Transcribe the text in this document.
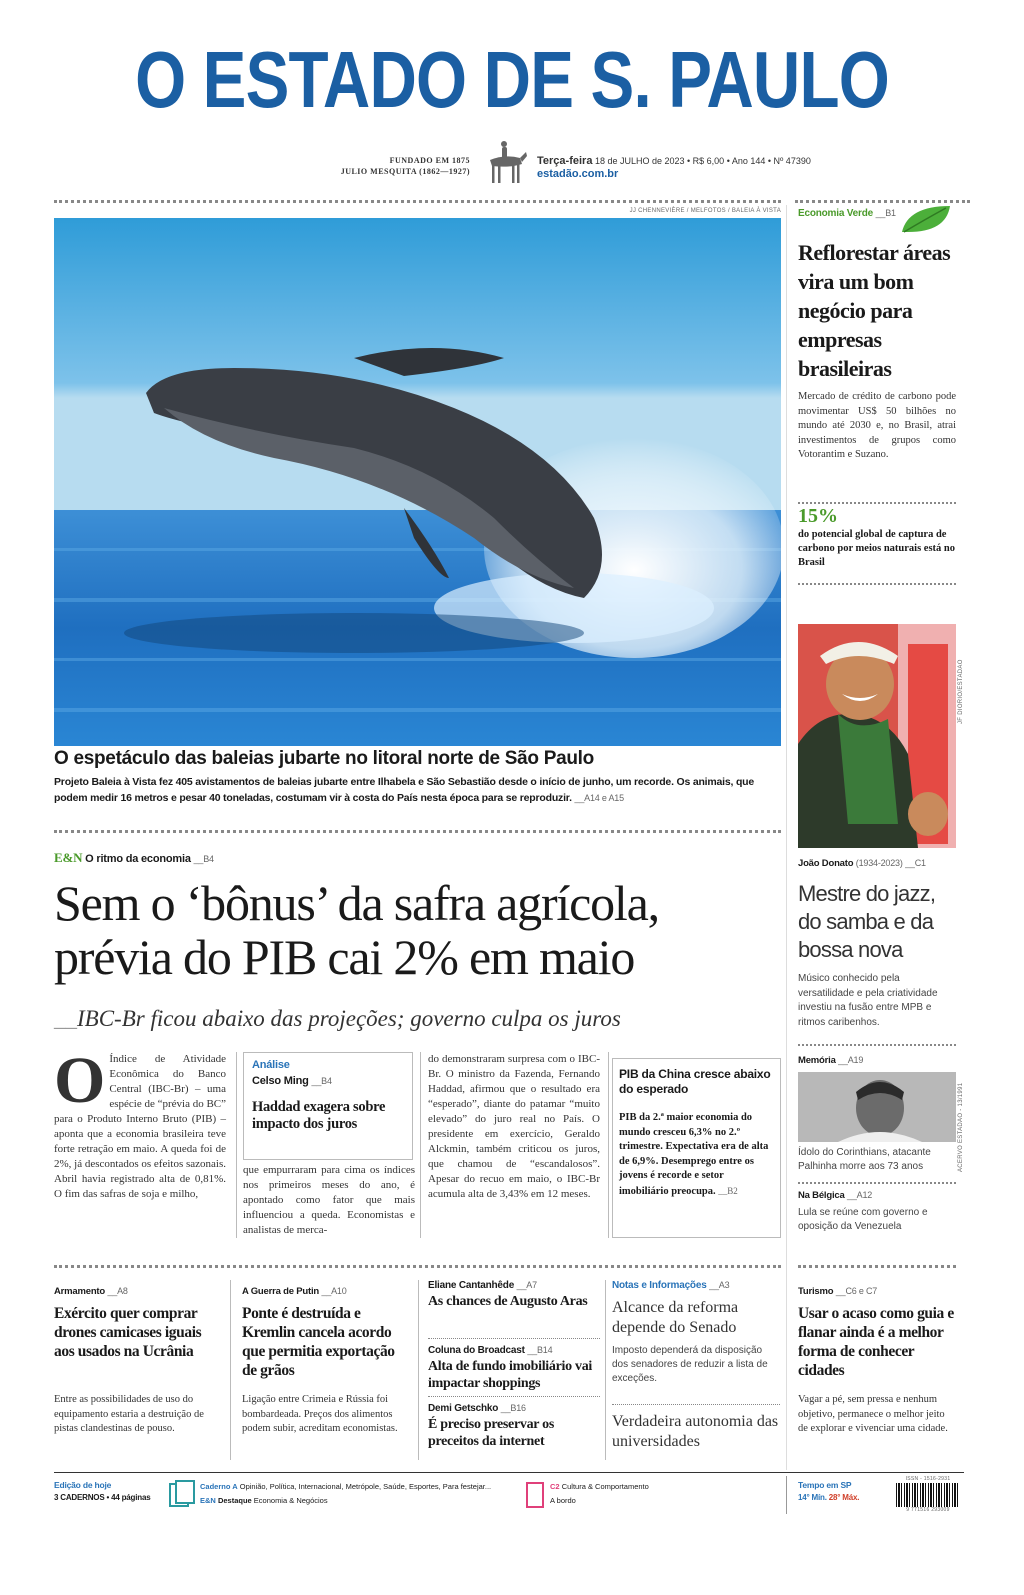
O ESTADO DE S. PAULO
FUNDADO EM 1875
JULIO MESQUITA (1862—1927)
Terça-feira 18 de JULHO de 2023 • R$ 6,00 • Ano 144 • Nº 47390
estadão.com.br
JJ CHENNEVIÈRE / MELFOTOS / BALEIA À VISTA
O espetáculo das baleias jubarte no litoral norte de São Paulo
Projeto Baleia à Vista fez 405 avistamentos de baleias jubarte entre Ilhabela e São Sebastião desde o início de junho, um recorde. Os animais, que podem medir 16 metros e pesar 40 toneladas, costumam vir à costa do País nesta época para se reproduzir. __A14 e A15
E&N O ritmo da economia __B4
Sem o ‘bônus’ da safra agrícola,
prévia do PIB cai 2% em maio
__IBC-Br ficou abaixo das projeções; governo culpa os juros
O Índice de Atividade Econômica do Banco Central (IBC-Br) – uma espécie de “prévia do BC” para o Produto Interno Bruto (PIB) – aponta que a economia brasileira teve forte retração em maio. A queda foi de 2%, já descontados os efeitos sazonais. Abril havia registrado alta de 0,81%. O fim das safras de soja e milho,
Análise
Celso Ming __B4
Haddad exagera sobre impacto dos juros
que empurraram para cima os índices nos primeiros meses do ano, é apontado como fator que mais influenciou a queda. Economistas e analistas de merca-
do demonstraram surpresa com o IBC-Br. O ministro da Fazenda, Fernando Haddad, afirmou que o resultado era “esperado”, diante do patamar “muito elevado” do juro real no País. O presidente em exercício, Geraldo Alckmin, também criticou os juros, que chamou de “escandalosos”. Apesar do recuo em maio, o IBC-Br acumula alta de 3,43% em 12 meses.
PIB da China cresce abaixo do esperado
PIB da 2.ª maior economia do mundo cresceu 6,3% no 2.º trimestre. Expectativa era de alta de 6,9%. Desemprego entre os jovens é recorde e setor imobiliário preocupa. __B2
Economia Verde __B1
Reflorestar áreas vira um bom negócio para empresas brasileiras
Mercado de crédito de carbono pode movimentar US$ 50 bilhões no mundo até 2030 e, no Brasil, atrai investimentos de grupos como Votorantim e Suzano.
15%
do potencial global de captura de carbono por meios naturais está no Brasil
JF DIORIO/ESTADÃO
João Donato (1934-2023) __C1
Mestre do jazz, do samba e da bossa nova
Músico conhecido pela versatilidade e pela criatividade investiu na fusão entre MPB e ritmos caribenhos.
Memória __A19
ACERVO ESTADÃO - 13/1991
Ídolo do Corinthians, atacante Palhinha morre aos 73 anos
Na Bélgica __A12
Lula se reúne com governo e oposição da Venezuela
Armamento __A8
Exército quer comprar drones camicases iguais aos usados na Ucrânia
Entre as possibilidades de uso do equipamento estaria a destruição de pistas clandestinas de pouso.
A Guerra de Putin __A10
Ponte é destruída e Kremlin cancela acordo que permitia exportação de grãos
Ligação entre Crimeia e Rússia foi bombardeada. Preços dos alimentos podem subir, acreditam economistas.
Eliane Cantanhêde __A7
As chances de Augusto Aras
Coluna do Broadcast __B14
Alta de fundo imobiliário vai impactar shoppings
Demi Getschko __B16
É preciso preservar os preceitos da internet
Notas e Informações __A3
Alcance da reforma depende do Senado
Imposto dependerá da disposição dos senadores de reduzir a lista de exceções.
Verdadeira autonomia das universidades
Turismo __C6 e C7
Usar o acaso como guia e flanar ainda é a melhor forma de conhecer cidades
Vagar a pé, sem pressa e nenhum objetivo, permanece o melhor jeito de explorar e vivenciar uma cidade.
Edição de hoje
3 CADERNOS • 44 páginas
Caderno A Opinião, Política, Internacional, Metrópole, Saúde, Esportes, Para festejar...
E&N Destaque Economia & Negócios
C2 Cultura & Comportamento
A bordo
Tempo em SP
14° Mín. 28° Máx.
ISSN - 1516-2931
9 771516 293009
